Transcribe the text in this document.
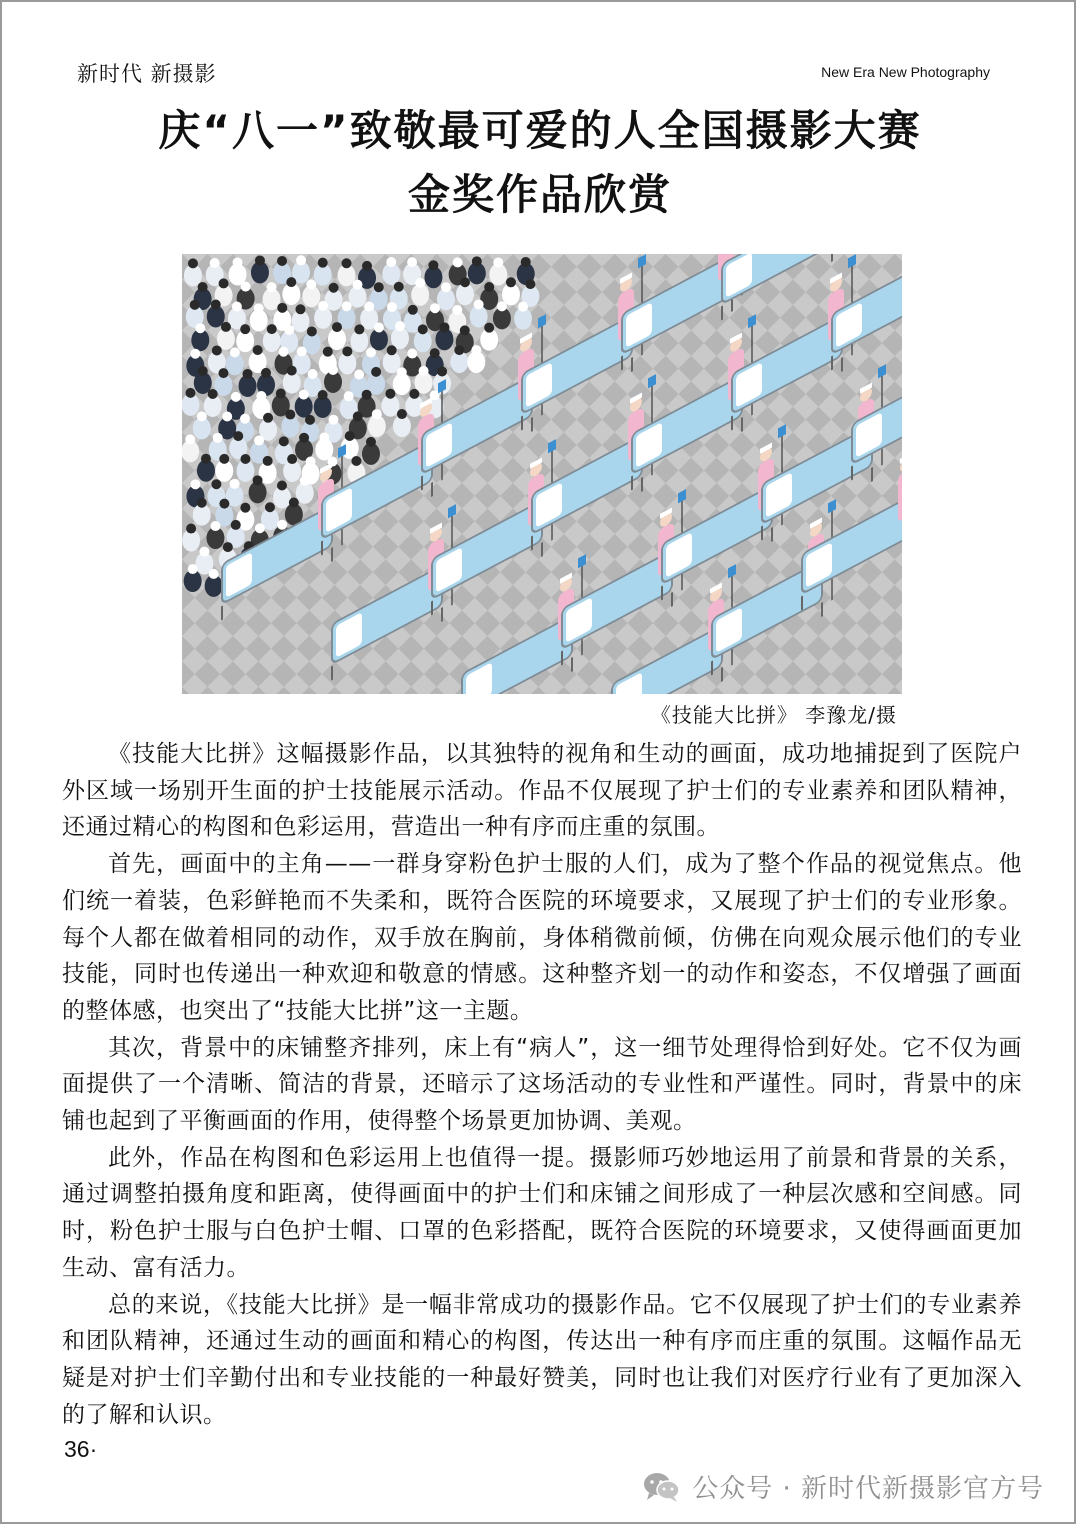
新时代 新摄影	New Era New Photography
庆“八一”致敬最可爱的人全国摄影大赛
金奖作品欣赏
《技能大比拼》 李豫龙/摄

《技能大比拼》这幅摄影作品，以其独特的视角和生动的画面，成功地捕捉到了医院户外区域一场别开生面的护士技能展示活动。作品不仅展现了护士们的专业素养和团队精神，还通过精心的构图和色彩运用，营造出一种有序而庄重的氛围。

首先，画面中的主角——一群身穿粉色护士服的人们，成为了整个作品的视觉焦点。他们统一着装，色彩鲜艳而不失柔和，既符合医院的环境要求，又展现了护士们的专业形象。每个人都在做着相同的动作，双手放在胸前，身体稍微前倾，仿佛在向观众展示他们的专业技能，同时也传递出一种欢迎和敬意的情感。这种整齐划一的动作和姿态，不仅增强了画面的整体感，也突出了“技能大比拼”这一主题。

其次，背景中的床铺整齐排列，床上有“病人”，这一细节处理得恰到好处。它不仅为画面提供了一个清晰、简洁的背景，还暗示了这场活动的专业性和严谨性。同时，背景中的床铺也起到了平衡画面的作用，使得整个场景更加协调、美观。

此外，作品在构图和色彩运用上也值得一提。摄影师巧妙地运用了前景和背景的关系，通过调整拍摄角度和距离，使得画面中的护士们和床铺之间形成了一种层次感和空间感。同时，粉色护士服与白色护士帽、口罩的色彩搭配，既符合医院的环境要求，又使得画面更加生动、富有活力。

总的来说，《技能大比拼》是一幅非常成功的摄影作品。它不仅展现了护士们的专业素养和团队精神，还通过生动的画面和精心的构图，传达出一种有序而庄重的氛围。这幅作品无疑是对护士们辛勤付出和专业技能的一种最好赞美，同时也让我们对医疗行业有了更加深入的了解和认识。

36·
公众号 · 新时代新摄影官方号
